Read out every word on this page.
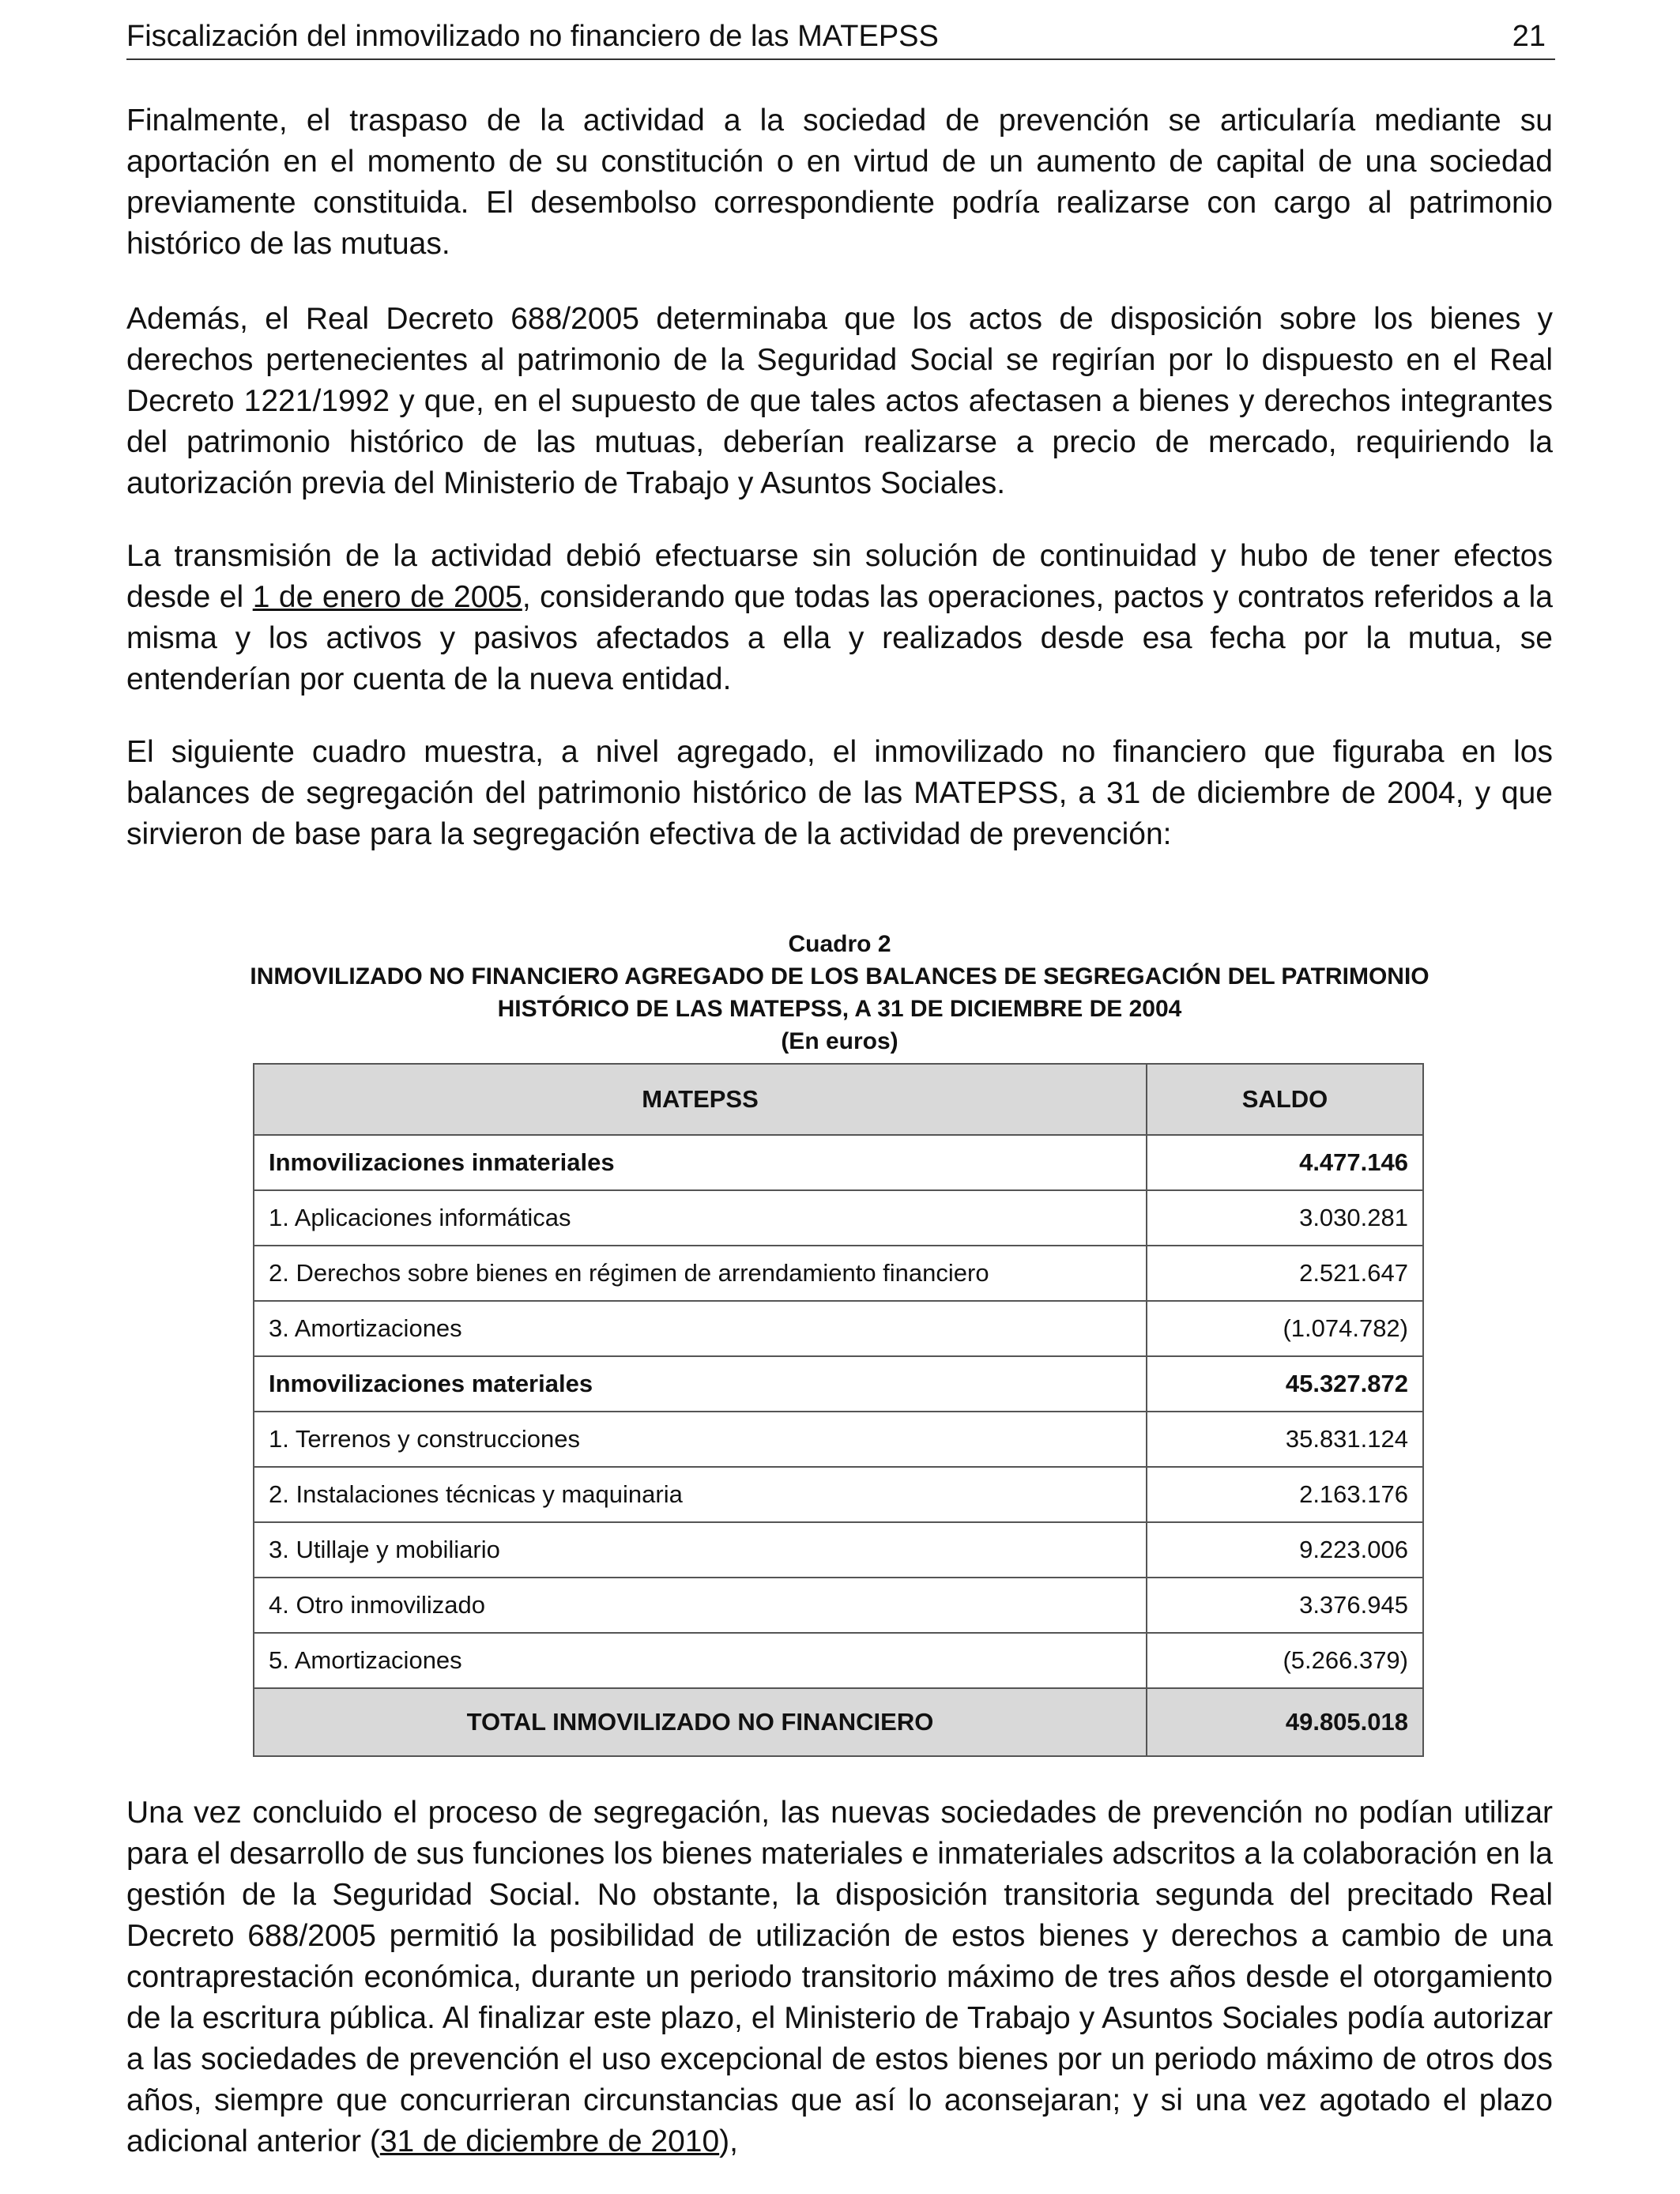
Fiscalización del inmovilizado no financiero de las MATEPSS	21

Finalmente, el traspaso de la actividad a la sociedad de prevención se articularía mediante su aportación en el momento de su constitución o en virtud de un aumento de capital de una sociedad previamente constituida. El desembolso correspondiente podría realizarse con cargo al patrimonio histórico de las mutuas.

Además, el Real Decreto 688/2005 determinaba que los actos de disposición sobre los bienes y derechos pertenecientes al patrimonio de la Seguridad Social se regirían por lo dispuesto en el Real Decreto 1221/1992 y que, en el supuesto de que tales actos afectasen a bienes y derechos integrantes del patrimonio histórico de las mutuas, deberían realizarse a precio de mercado, requiriendo la autorización previa del Ministerio de Trabajo y Asuntos Sociales.

La transmisión de la actividad debió efectuarse sin solución de continuidad y hubo de tener efectos desde el 1 de enero de 2005, considerando que todas las operaciones, pactos y contratos referidos a la misma y los activos y pasivos afectados a ella y realizados desde esa fecha por la mutua, se entenderían por cuenta de la nueva entidad.

El siguiente cuadro muestra, a nivel agregado, el inmovilizado no financiero que figuraba en los balances de segregación del patrimonio histórico de las MATEPSS, a 31 de diciembre de 2004, y que sirvieron de base para la segregación efectiva de la actividad de prevención:

Cuadro 2
INMOVILIZADO NO FINANCIERO AGREGADO DE LOS BALANCES DE SEGREGACIÓN DEL PATRIMONIO
HISTÓRICO DE LAS MATEPSS, A 31 DE DICIEMBRE DE 2004
(En euros)
MATEPSS	SALDO
Inmovilizaciones inmateriales	4.477.146
1. Aplicaciones informáticas	3.030.281
2. Derechos sobre bienes en régimen de arrendamiento financiero	2.521.647
3. Amortizaciones	(1.074.782)
Inmovilizaciones materiales	45.327.872
1. Terrenos y construcciones	35.831.124
2. Instalaciones técnicas y maquinaria	2.163.176
3. Utillaje y mobiliario	9.223.006
4. Otro inmovilizado	3.376.945
5. Amortizaciones	(5.266.379)
TOTAL INMOVILIZADO NO FINANCIERO	49.805.018

Una vez concluido el proceso de segregación, las nuevas sociedades de prevención no podían utilizar para el desarrollo de sus funciones los bienes materiales e inmateriales adscritos a la colaboración en la gestión de la Seguridad Social. No obstante, la disposición transitoria segunda del precitado Real Decreto 688/2005 permitió la posibilidad de utilización de estos bienes y derechos a cambio de una contraprestación económica, durante un periodo transitorio máximo de tres años desde el otorgamiento de la escritura pública. Al finalizar este plazo, el Ministerio de Trabajo y Asuntos Sociales podía autorizar a las sociedades de prevención el uso excepcional de estos bienes por un periodo máximo de otros dos años, siempre que concurrieran circunstancias que así lo aconsejaran; y si una vez agotado el plazo adicional anterior (31 de diciembre de 2010),
